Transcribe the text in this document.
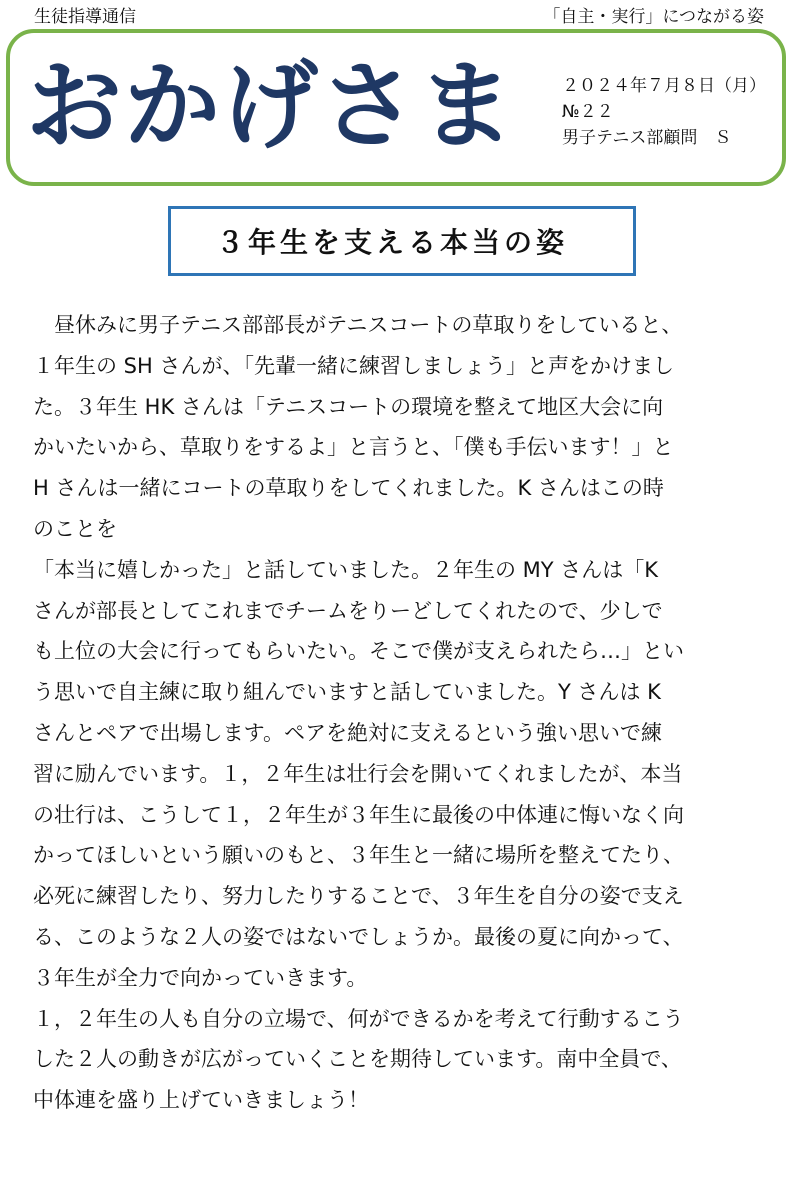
生徒指導通信	「自主・実行」につながる姿
おかげさま	２０２４年７月８日（月）
№２２
男子テニス部顧問　Ｓ
３年生を支える本当の姿
　昼休みに男子テニス部部長がテニスコートの草取りをしていると、
１年生の SH さんが、「先輩一緒に練習しましょう」と声をかけまし
た。３年生 HK さんは「テニスコートの環境を整えて地区大会に向
かいたいから、草取りをするよ」と言うと、「僕も手伝います！」と
H さんは一緒にコートの草取りをしてくれました。K さんはこの時
のことを
「本当に嬉しかった」と話していました。２年生の MY さんは「K
さんが部長としてこれまでチームをりーどしてくれたので、少しで
も上位の大会に行ってもらいたい。そこで僕が支えられたら…」とい
う思いで自主練に取り組んでいますと話していました。Y さんは K
さんとペアで出場します。ペアを絶対に支えるという強い思いで練
習に励んでいます。１，２年生は壮行会を開いてくれましたが、本当
の壮行は、こうして１，２年生が３年生に最後の中体連に悔いなく向
かってほしいという願いのもと、３年生と一緒に場所を整えてたり、
必死に練習したり、努力したりすることで、３年生を自分の姿で支え
る、このような２人の姿ではないでしょうか。最後の夏に向かって、
３年生が全力で向かっていきます。
１，２年生の人も自分の立場で、何ができるかを考えて行動するこう
した２人の動きが広がっていくことを期待しています。南中全員で、
中体連を盛り上げていきましょう！
